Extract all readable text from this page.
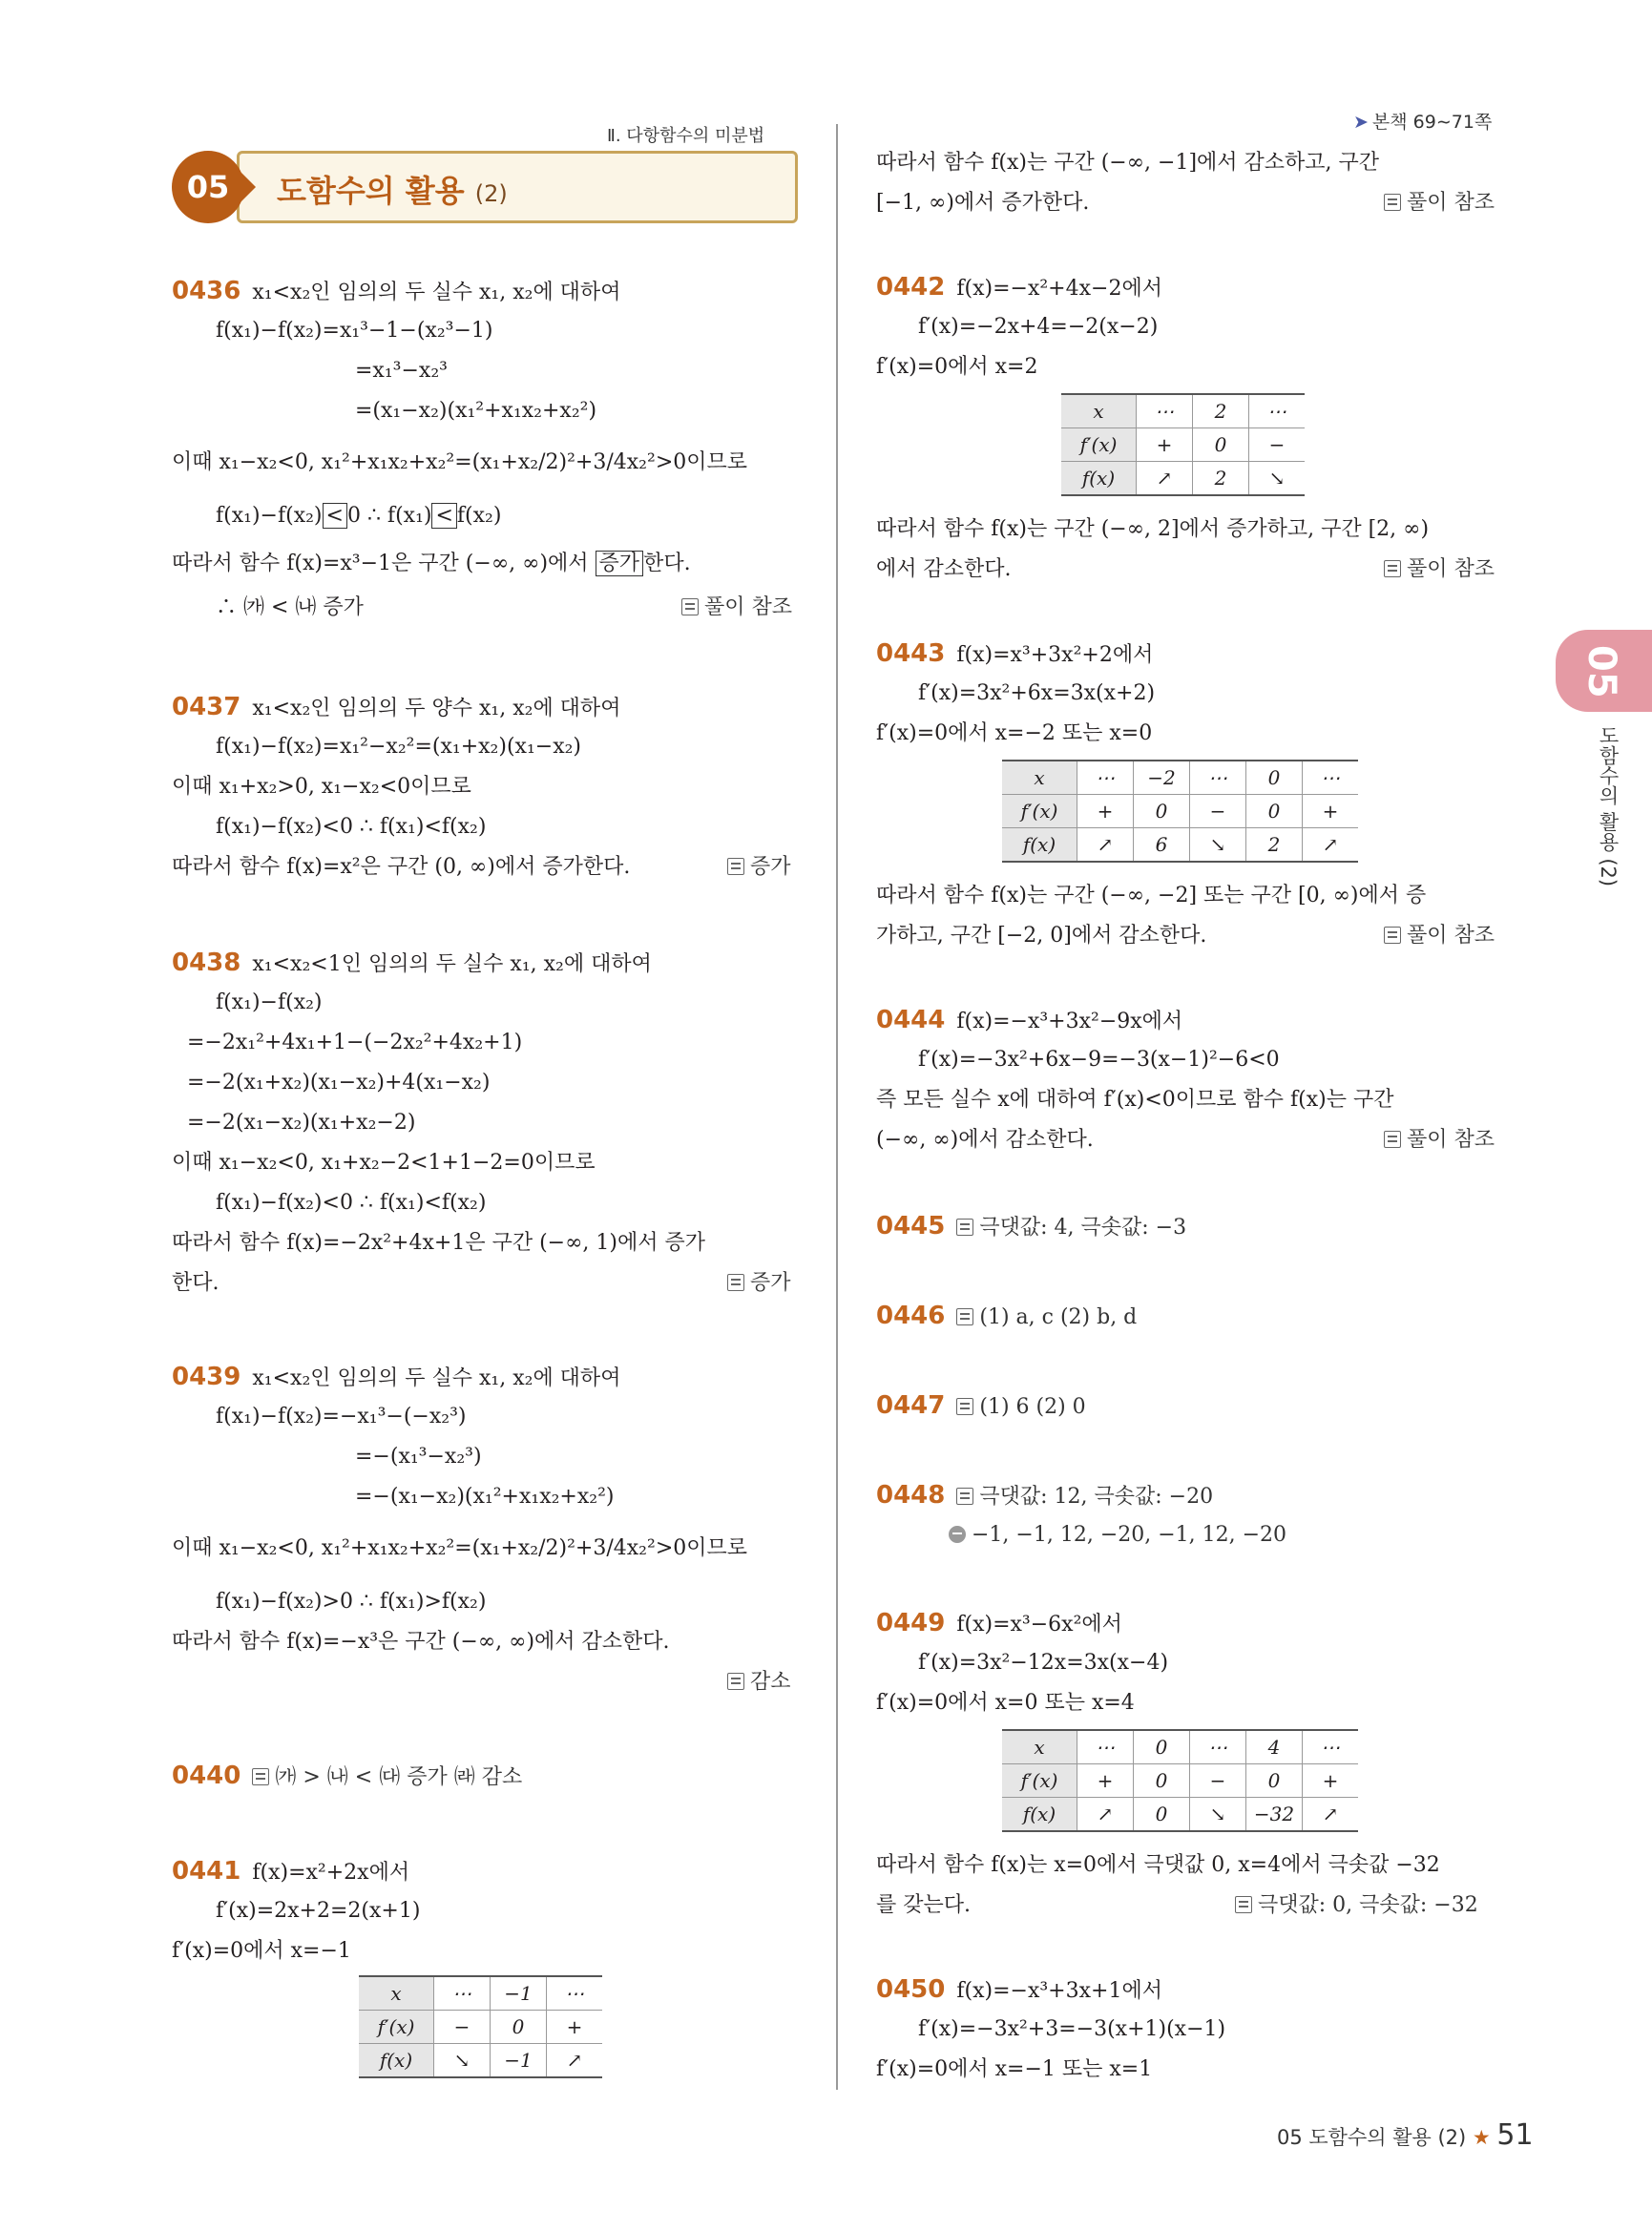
Ⅱ. 다항함수의 미분법
➤ 본책 69∼71쪽
05	도함수의 활용 (2)
05
도함수의 활용 (2)
0436 x₁<x₂인 임의의 두 실수 x₁, x₂에 대하여
f(x₁)−f(x₂)=x₁³−1−(x₂³−1)
=x₁³−x₂³
=(x₁−x₂)(x₁²+x₁x₂+x₂²)
이때 x₁−x₂<0, x₁²+x₁x₂+x₂²=(x₁+x₂/2)²+3/4x₂²>0이므로
f(x₁)−f(x₂) < 0 ∴ f(x₁) < f(x₂)
따라서 함수 f(x)=x³−1은 구간 (−∞, ∞)에서 증가 한다.
∴ ㈎ < ㈏ 증가	풀이 참조
0437 x₁<x₂인 임의의 두 양수 x₁, x₂에 대하여
f(x₁)−f(x₂)=x₁²−x₂²=(x₁+x₂)(x₁−x₂)
이때 x₁+x₂>0, x₁−x₂<0이므로
f(x₁)−f(x₂)<0 ∴ f(x₁)<f(x₂)
따라서 함수 f(x)=x²은 구간 (0, ∞)에서 증가한다.	증가
0438 x₁<x₂<1인 임의의 두 실수 x₁, x₂에 대하여
f(x₁)−f(x₂)
=−2x₁²+4x₁+1−(−2x₂²+4x₂+1)
=−2(x₁+x₂)(x₁−x₂)+4(x₁−x₂)
=−2(x₁−x₂)(x₁+x₂−2)
이때 x₁−x₂<0, x₁+x₂−2<1+1−2=0이므로
f(x₁)−f(x₂)<0 ∴ f(x₁)<f(x₂)
따라서 함수 f(x)=−2x²+4x+1은 구간 (−∞, 1)에서 증가
한다.	증가
0439 x₁<x₂인 임의의 두 실수 x₁, x₂에 대하여
f(x₁)−f(x₂)=−x₁³−(−x₂³)
=−(x₁³−x₂³)
=−(x₁−x₂)(x₁²+x₁x₂+x₂²)
이때 x₁−x₂<0, x₁²+x₁x₂+x₂²=(x₁+x₂/2)²+3/4x₂²>0이므로
f(x₁)−f(x₂)>0 ∴ f(x₁)>f(x₂)
따라서 함수 f(x)=−x³은 구간 (−∞, ∞)에서 감소한다.
감소
0440 ㈎ > ㈏ < ㈐ 증가 ㈑ 감소
0441 f(x)=x²+2x에서
f′(x)=2x+2=2(x+1)
f′(x)=0에서 x=−1
x	⋯	−1	⋯
f′(x)	−	0	+
f(x)	↘	−1	↗
따라서 함수 f(x)는 구간 (−∞, −1]에서 감소하고, 구간
[−1, ∞)에서 증가한다.	풀이 참조
0442 f(x)=−x²+4x−2에서
f′(x)=−2x+4=−2(x−2)
f′(x)=0에서 x=2
x	⋯	2	⋯
f′(x)	+	0	−
f(x)	↗	2	↘
따라서 함수 f(x)는 구간 (−∞, 2]에서 증가하고, 구간 [2, ∞)
에서 감소한다.	풀이 참조
0443 f(x)=x³+3x²+2에서
f′(x)=3x²+6x=3x(x+2)
f′(x)=0에서 x=−2 또는 x=0
x	⋯	−2	⋯	0	⋯
f′(x)	+	0	−	0	+
f(x)	↗	6	↘	2	↗
따라서 함수 f(x)는 구간 (−∞, −2] 또는 구간 [0, ∞)에서 증
가하고, 구간 [−2, 0]에서 감소한다.	풀이 참조
0444 f(x)=−x³+3x²−9x에서
f′(x)=−3x²+6x−9=−3(x−1)²−6<0
즉 모든 실수 x에 대하여 f′(x)<0이므로 함수 f(x)는 구간
(−∞, ∞)에서 감소한다.	풀이 참조
0445 극댓값: 4, 극솟값: −3
0446 (1) a, c (2) b, d
0447 (1) 6 (2) 0
0448 극댓값: 12, 극솟값: −20
−1, −1, 12, −20, −1, 12, −20
0449 f(x)=x³−6x²에서
f′(x)=3x²−12x=3x(x−4)
f′(x)=0에서 x=0 또는 x=4
x	⋯	0	⋯	4	⋯
f′(x)	+	0	−	0	+
f(x)	↗	0	↘	−32	↗
따라서 함수 f(x)는 x=0에서 극댓값 0, x=4에서 극솟값 −32
를 갖는다.	극댓값: 0, 극솟값: −32
0450 f(x)=−x³+3x+1에서
f′(x)=−3x²+3=−3(x+1)(x−1)
f′(x)=0에서 x=−1 또는 x=1
05 도함수의 활용 (2) ★ 51
